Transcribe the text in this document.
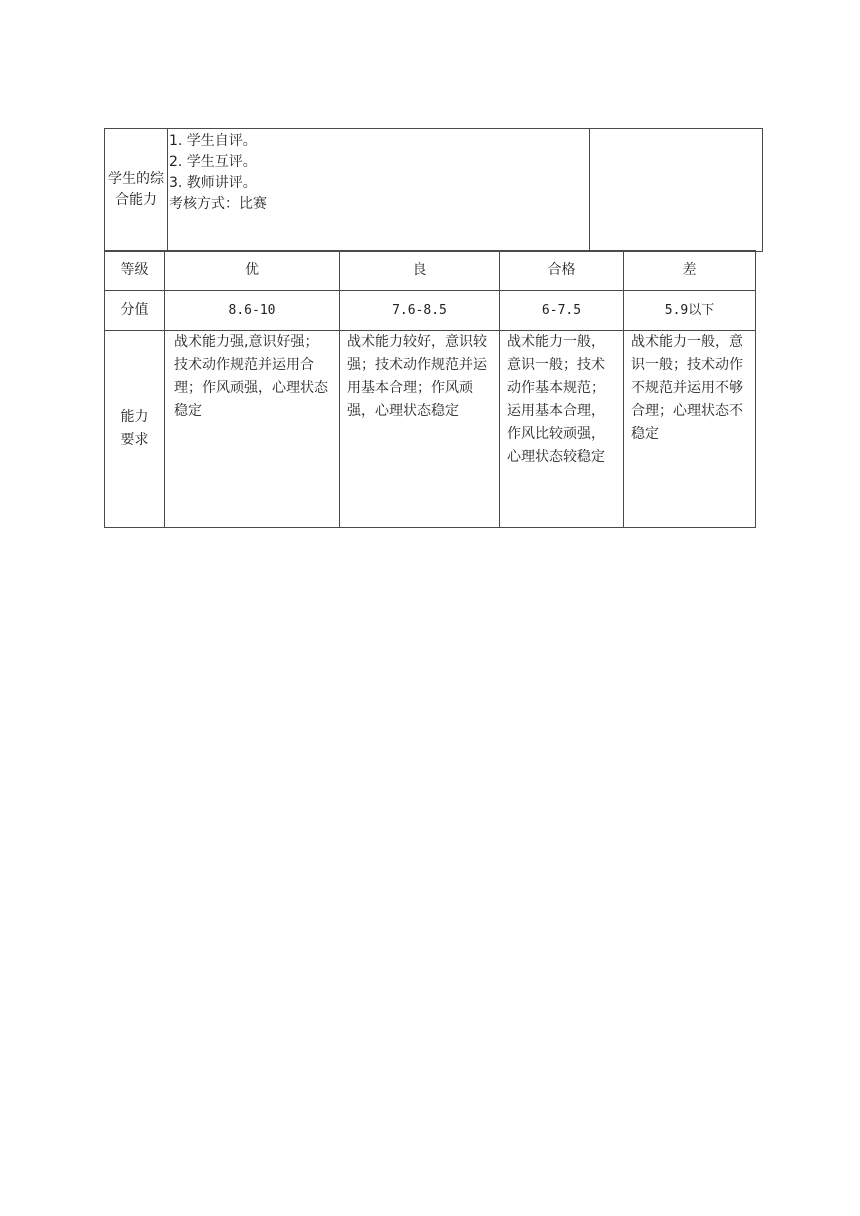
学生的综合能力	
1. 学生自评。
2. 学生互评。
3. 教师讲评。
考核方式：比赛

等级	优	良	合格	差
分值	8.6-10	7.6-8.5	6-7.5	5.9以下
能力要求	战术能力强,意识好强；技术动作规范并运用合理；作风顽强，心理状态稳定	战术能力较好，意识较强；技术动作规范并运用基本合理；作风顽强，心理状态稳定	战术能力一般，意识一般；技术动作基本规范；运用基本合理，作风比较顽强，心理状态较稳定	战术能力一般，意识一般；技术动作不规范并运用不够合理；心理状态不稳定
